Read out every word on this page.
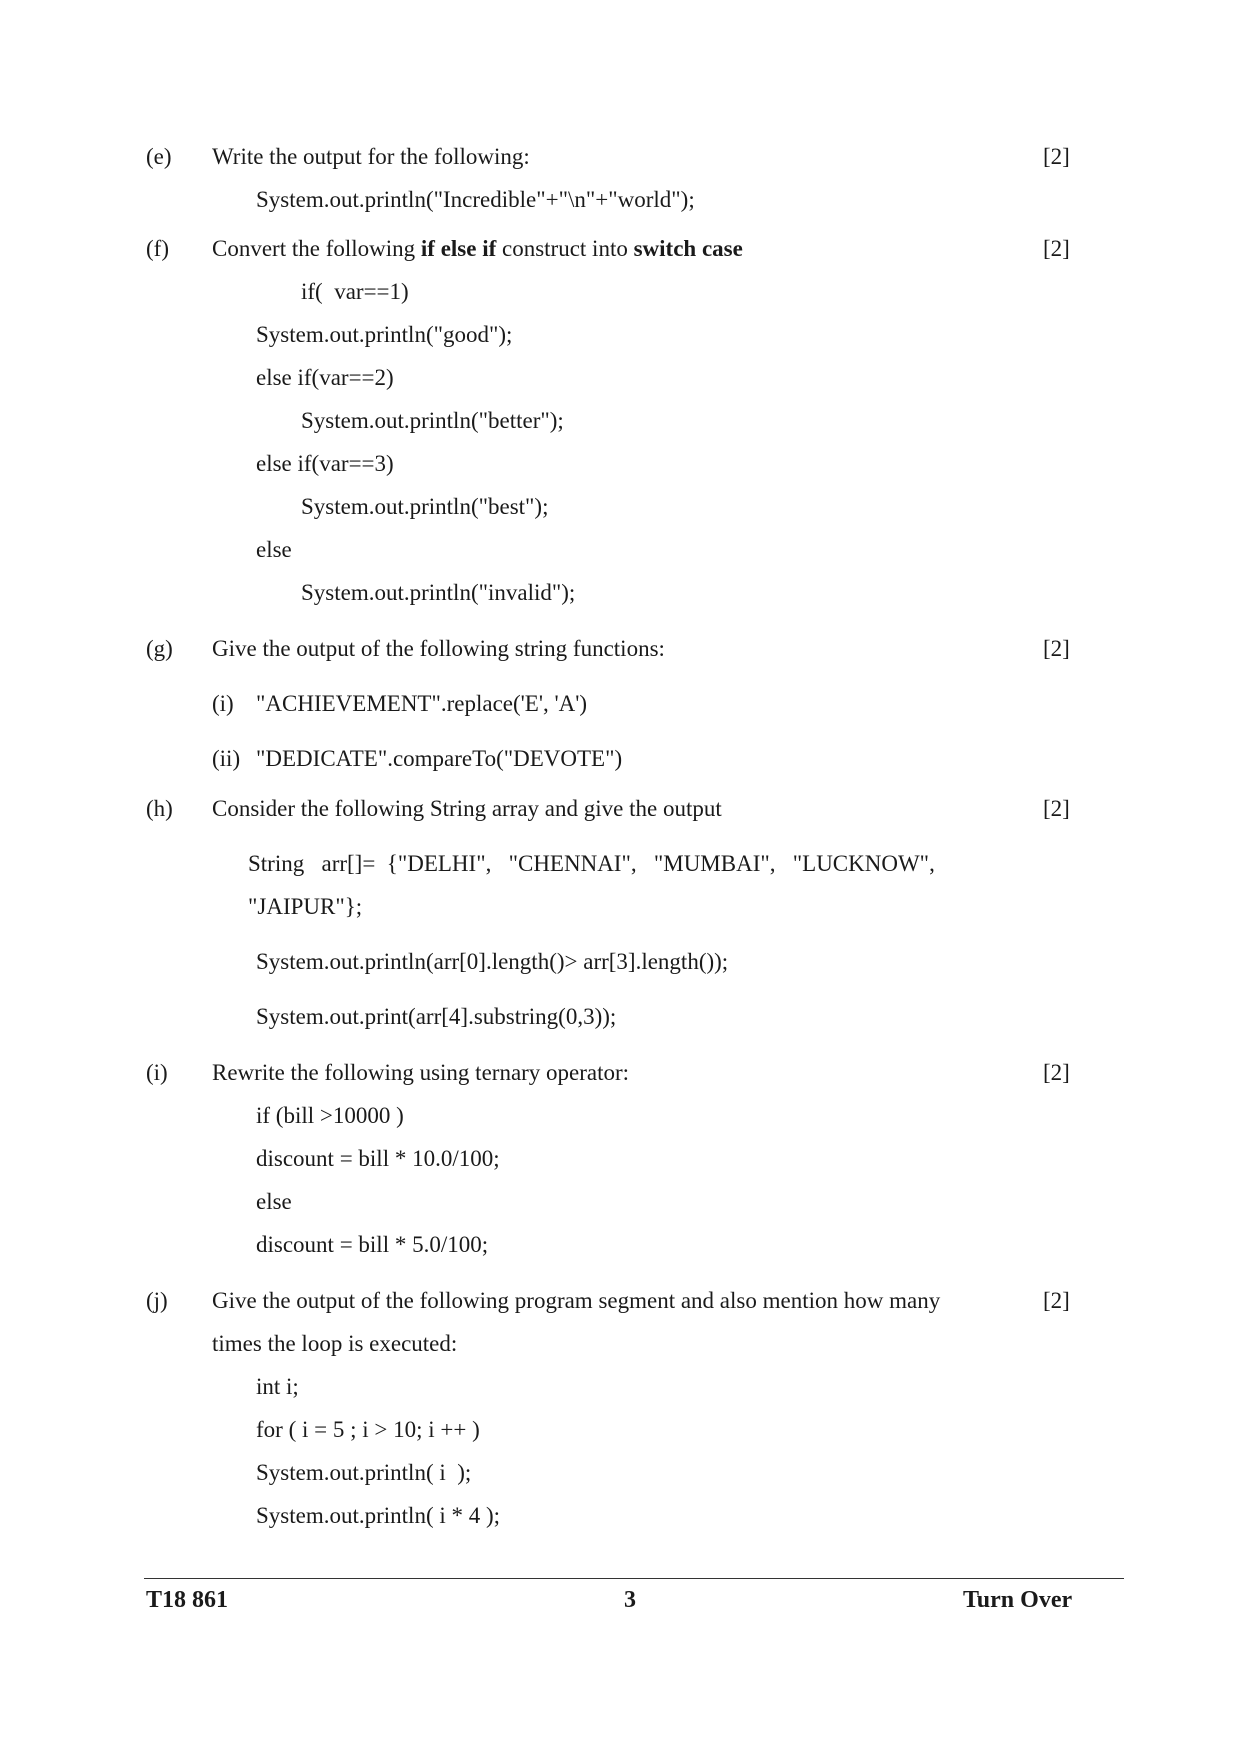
(e) Write the output for the following:	[2]
System.out.println("Incredible"+"\n"+"world");
(f) Convert the following if else if construct into switch case	[2]
if(  var==1)
System.out.println("good");
else if(var==2)
System.out.println("better");
else if(var==3)
System.out.println("best");
else
System.out.println("invalid");
(g) Give the output of the following string functions:	[2]
(i) "ACHIEVEMENT".replace('E', 'A')
(ii) "DEDICATE".compareTo("DEVOTE")
(h) Consider the following String array and give the output	[2]
String   arr[]=  {"DELHI",   "CHENNAI",   "MUMBAI",   "LUCKNOW",
"JAIPUR"};
System.out.println(arr[0].length()> arr[3].length());
System.out.print(arr[4].substring(0,3));
(i) Rewrite the following using ternary operator:	[2]
if (bill >10000 )
discount = bill * 10.0/100;
else
discount = bill * 5.0/100;
(j) Give the output of the following program segment and also mention how many	[2]
times the loop is executed:
int i;
for ( i = 5 ; i > 10; i ++ )
System.out.println( i  );
System.out.println( i * 4 );
T18 861	3	Turn Over
